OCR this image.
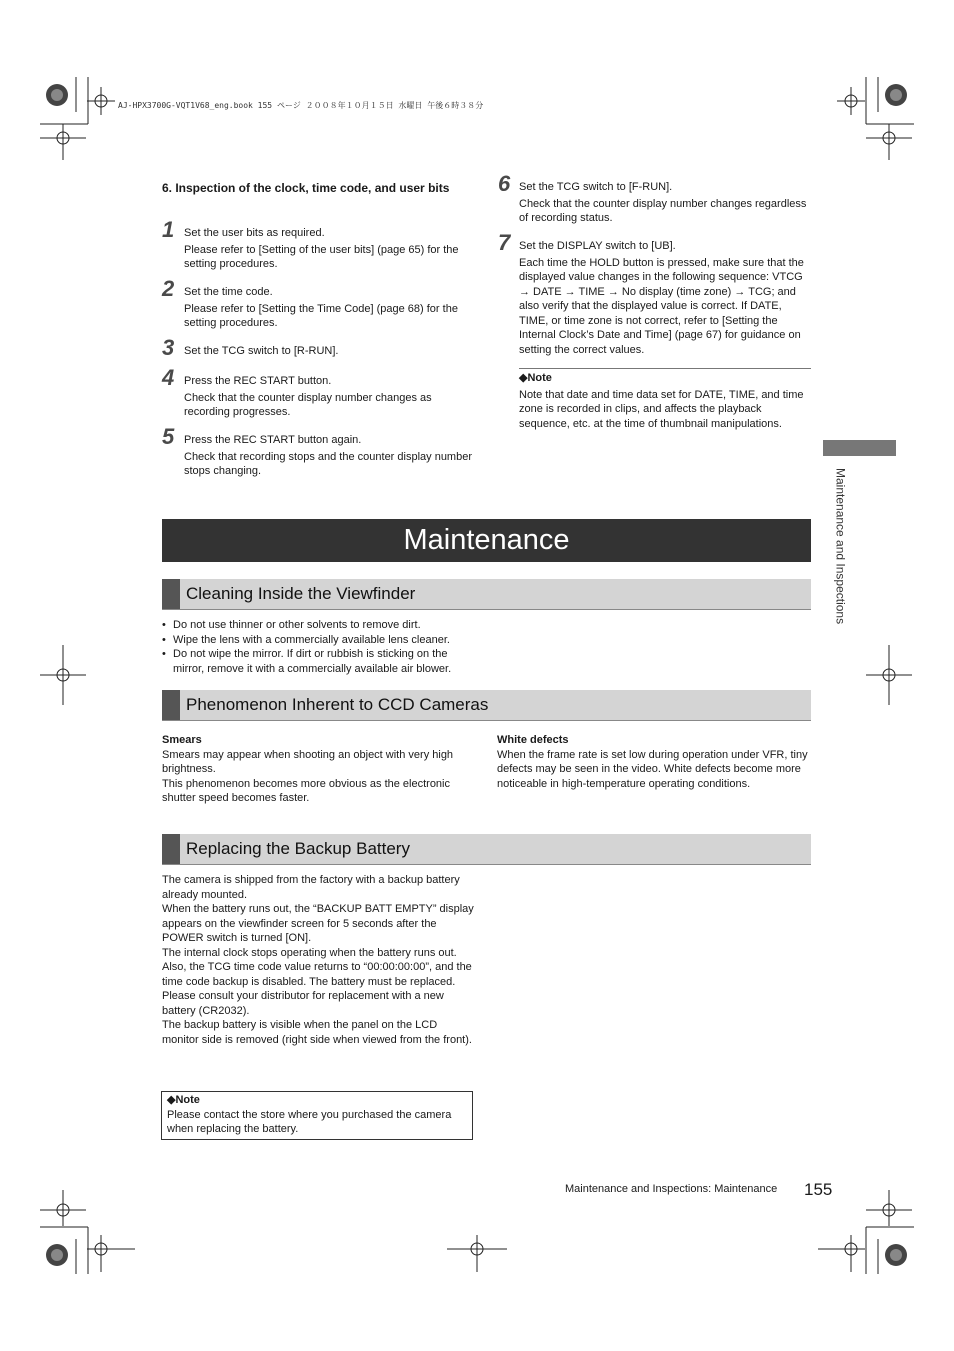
AJ-HPX3700G-VQT1V68_eng.book 155 ページ ２００８年１０月１５日 水曜日 午後６時３８分
6. Inspection of the clock, time code, and user bits
1 Set the user bits as required.

Please refer to [Setting of the user bits] (page 65) for the setting procedures.

2 Set the time code.

Please refer to [Setting the Time Code] (page 68) for the setting procedures.

3 Set the TCG switch to [R-RUN].

4 Press the REC START button.

Check that the counter display number changes as recording progresses.

5 Press the REC START button again.

Check that recording stops and the counter display number stops changing.

6 Set the TCG switch to [F-RUN].

Check that the counter display number changes regardless of recording status.

7 Set the DISPLAY switch to [UB].

Each time the HOLD button is pressed, make sure that the displayed value changes in the following sequence: VTCG → DATE → TIME → No display (time zone) → TCG; and also verify that the displayed value is correct. If DATE, TIME, or time zone is not correct, refer to [Setting the Internal Clock’s Date and Time] (page 67) for guidance on setting the correct values.

◆Note

Note that date and time data set for DATE, TIME, and time zone is recorded in clips, and affects the playback sequence, etc. at the time of thumbnail manipulations.

Maintenance and Inspections
Maintenance
Cleaning Inside the Viewfinder
• Do not use thinner or other solvents to remove dirt.
• Wipe the lens with a commercially available lens cleaner.
• Do not wipe the mirror. If dirt or rubbish is sticking on the mirror, remove it with a commercially available air blower.
Phenomenon Inherent to CCD Cameras

Smears

Smears may appear when shooting an object with very high brightness.
This phenomenon becomes more obvious as the electronic shutter speed becomes faster.

White defects

When the frame rate is set low during operation under VFR, tiny defects may be seen in the video. White defects become more noticeable in high-temperature operating conditions.

Replacing the Backup Battery
The camera is shipped from the factory with a backup battery already mounted.
When the battery runs out, the “BACKUP BATT EMPTY” display appears on the viewfinder screen for 5 seconds after the POWER switch is turned [ON].
The internal clock stops operating when the battery runs out. Also, the TCG time code value returns to “00:00:00:00”, and the time code backup is disabled. The battery must be replaced.
Please consult your distributor for replacement with a new battery (CR2032).
The backup battery is visible when the panel on the LCD monitor side is removed (right side when viewed from the front).

◆Note

Please contact the store where you purchased the camera when replacing the battery.

Maintenance and Inspections: Maintenance 155
